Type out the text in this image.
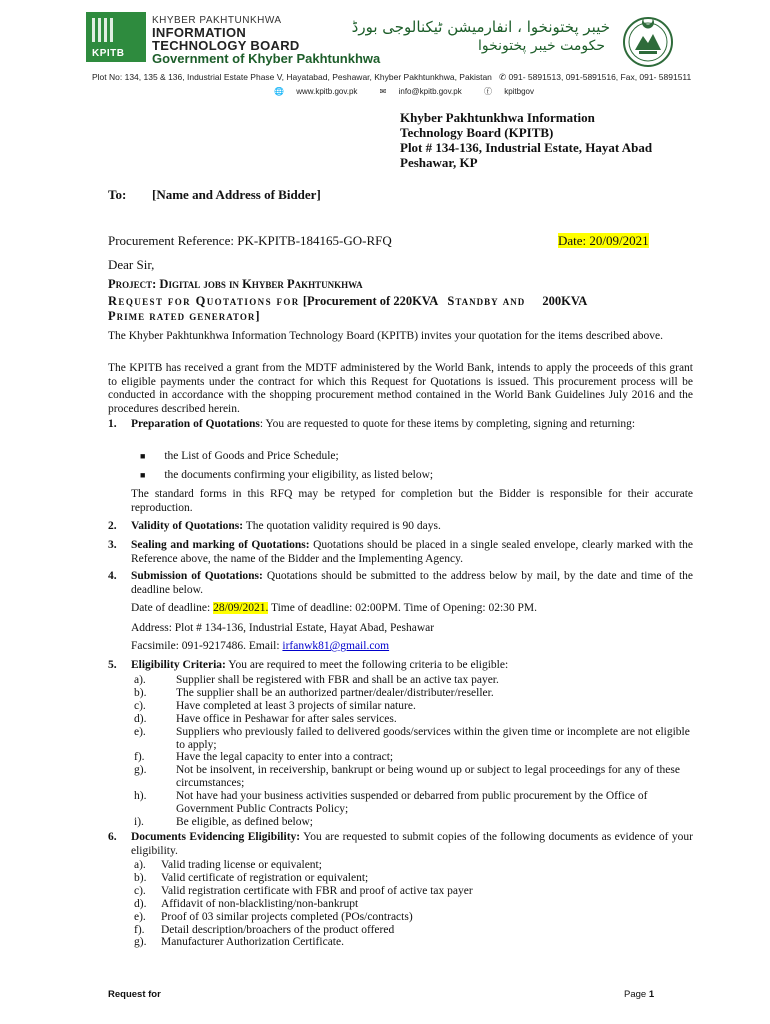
KPITB
KHYBER PAKHTUNKHWA
INFORMATION
TECHNOLOGY BOARD
Government of Khyber Pakhtunkhwa
خیبر پختونخوا ، انفارمیشن ٹیکنالوجی بورڈ
حکومت خیبر پختونخوا
Plot No: 134, 135 & 136, Industrial Estate Phase V, Hayatabad, Peshawar, Khyber Pakhtunkhwa, Pakistan ✆ 091- 5891513, 091-5891516, Fax, 091- 5891511
🌐 www.kpitb.gov.pk	✉ info@kpitb.gov.pk	ⓕ kpitbgov
Khyber Pakhtunkhwa Information
Technology Board (KPITB)
Plot # 134-136, Industrial Estate, Hayat Abad
Peshawar, KP
To: [Name and Address of Bidder]
Procurement Reference: PK-KPITB-184165-GO-RFQ	Date: 20/09/2021
Dear Sir,
Project: Digital jobs in Khyber Pakhtunkhwa
Request for Quotations for [Procurement of 220KVA Standby and 200KVA
Prime rated generator]
The Khyber Pakhtunkhwa Information Technology Board (KPITB) invites your quotation for the items described above.
The KPITB has received a grant from the MDTF administered by the World Bank, intends to apply the proceeds of this grant to eligible payments under the contract for which this Request for Quotations is issued. This procurement process will be conducted in accordance with the shopping procurement method contained in the World Bank Guidelines July 2016 and the procedures described herein.
1. Preparation of Quotations: You are requested to quote for these items by completing, signing and returning:
■ the List of Goods and Price Schedule;
■ the documents confirming your eligibility, as listed below;
The standard forms in this RFQ may be retyped for completion but the Bidder is responsible for their accurate reproduction.
2. Validity of Quotations: The quotation validity required is 90 days.
3. Sealing and marking of Quotations: Quotations should be placed in a single sealed envelope, clearly marked with the Reference above, the name of the Bidder and the Implementing Agency.
4. Submission of Quotations: Quotations should be submitted to the address below by mail, by the date and time of the deadline below.
Date of deadline: 28/09/2021. Time of deadline: 02:00PM. Time of Opening: 02:30 PM.
Address: Plot # 134-136, Industrial Estate, Hayat Abad, Peshawar
Facsimile: 091-9217486. Email: irfanwk81@gmail.com
5. Eligibility Criteria: You are required to meet the following criteria to be eligible:
a).	Supplier shall be registered with FBR and shall be an active tax payer.
b).	The supplier shall be an authorized partner/dealer/distributer/reseller.
c).	Have completed at least 3 projects of similar nature.
d).	Have office in Peshawar for after sales services.
e).	Suppliers who previously failed to delivered goods/services within the given time or incomplete are not eligible to apply;
f).	Have the legal capacity to enter into a contract;
g).	Not be insolvent, in receivership, bankrupt or being wound up or subject to legal proceedings for any of these circumstances;
h).	Not have had your business activities suspended or debarred from public procurement by the Office of Government Public Contracts Policy;
i).	Be eligible, as defined below;
6. Documents Evidencing Eligibility: You are requested to submit copies of the following documents as evidence of your eligibility.
a).	Valid trading license or equivalent;
b).	Valid certificate of registration or equivalent;
c).	Valid registration certificate with FBR and proof of active tax payer
d).	Affidavit of non-blacklisting/non-bankrupt
e).	Proof of 03 similar projects completed (POs/contracts)
f).	Detail description/broachers of the product offered
g).	Manufacturer Authorization Certificate.
Request for	Page 1
